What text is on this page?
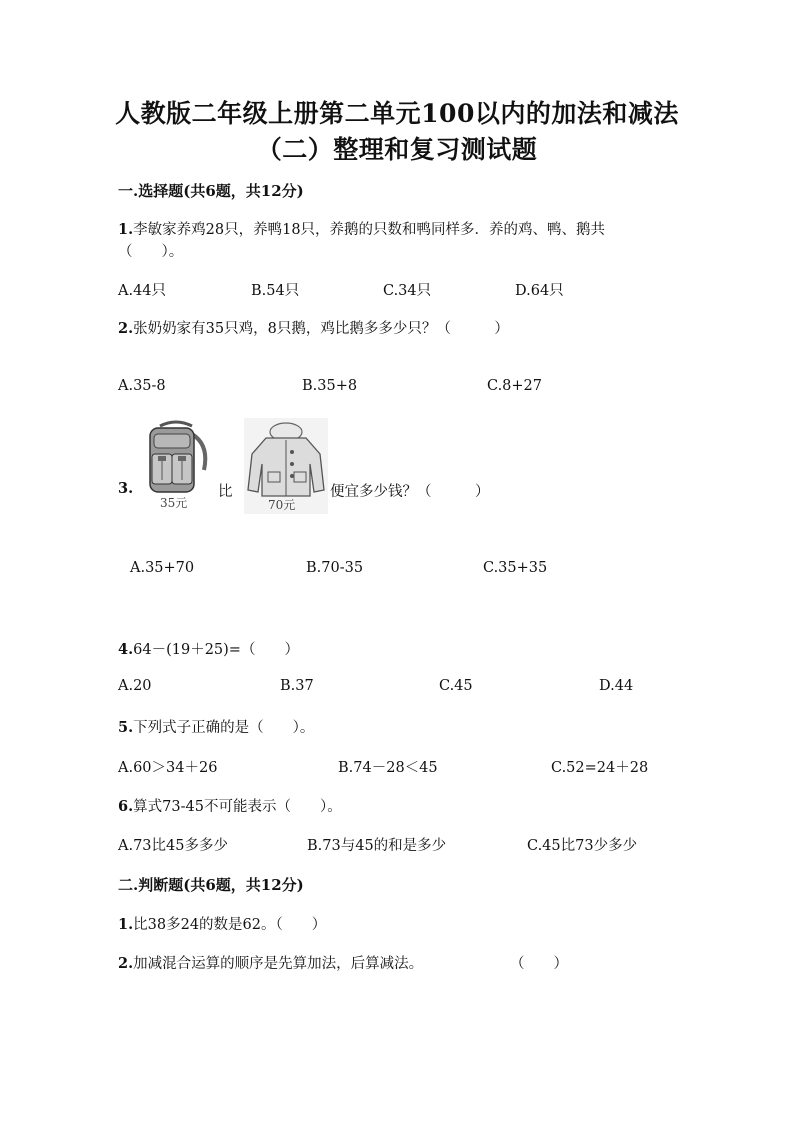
人教版二年级上册第二单元100以内的加法和减法
（二）整理和复习测试题
一.选择题(共6题，共12分)
1.李敏家养鸡28只，养鸭18只，养鹅的只数和鸭同样多．养的鸡、鸭、鹅共
（　　）。
A.44只	B.54只	C.34只	D.64只
2.张奶奶家有35只鸡，8只鹅，鸡比鹅多多少只？（　　　）
A.35-8	B.35+8	C.8+27
3.
35元
比
70元
便宜多少钱？（　　　）
A.35+70	B.70-35	C.35+35
4.64－(19＋25)=（　　）
A.20	B.37	C.45	D.44
5.下列式子正确的是（　　）。
A.60＞34＋26	B.74－28＜45	C.52=24＋28
6.算式73-45不可能表示（　　）。
A.73比45多多少	B.73与45的和是多少	C.45比73少多少
二.判断题(共6题，共12分)
1.比38多24的数是62。（　　）
2.加减混合运算的顺序是先算加法，后算减法。	（　　）
